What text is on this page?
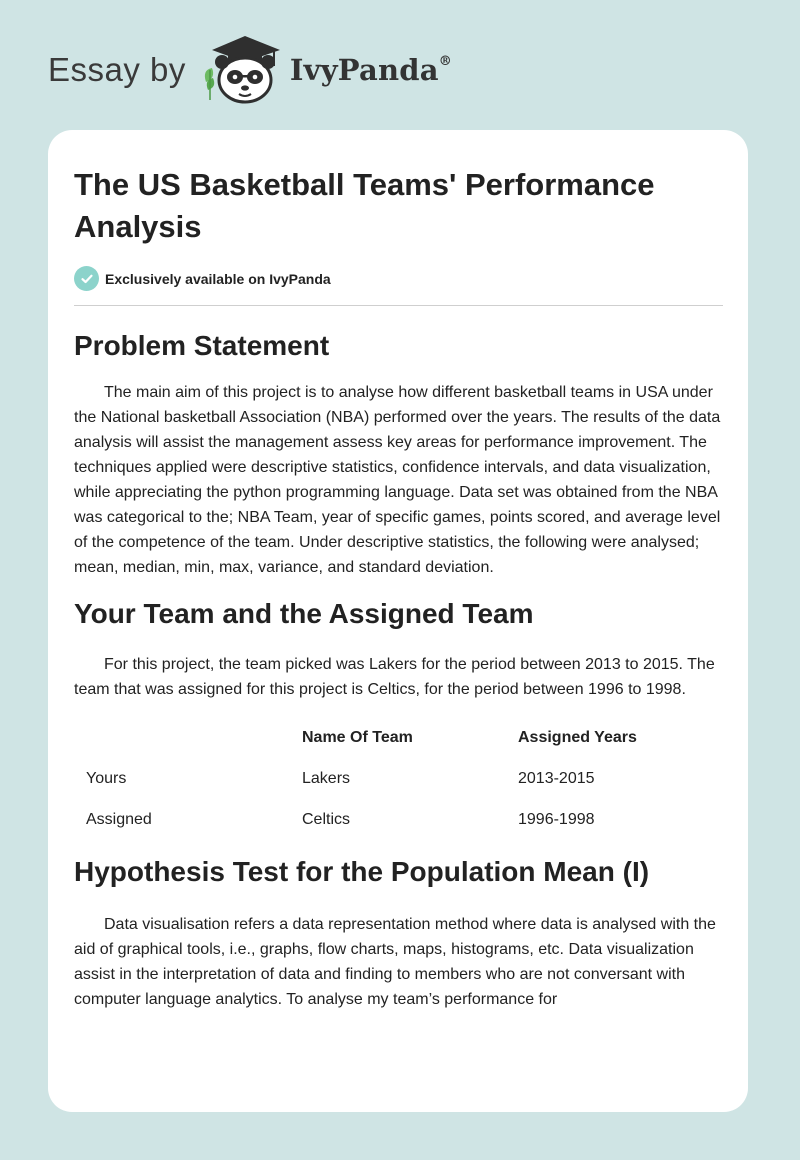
Essay by	IvyPanda®
The US Basketball Teams' Performance Analysis
Exclusively available on IvyPanda
Problem Statement

The main aim of this project is to analyse how different basketball teams in USA under the National basketball Association (NBA) performed over the years. The results of the data analysis will assist the management assess key areas for performance improvement. The techniques applied were descriptive statistics, confidence intervals, and data visualization, while appreciating the python programming language. Data set was obtained from the NBA was categorical to the; NBA Team, year of specific games, points scored, and average level of the competence of the team. Under descriptive statistics, the following were analysed; mean, median, min, max, variance, and standard deviation.

Your Team and the Assigned Team

For this project, the team picked was Lakers for the period between 2013 to 2015. The team that was assigned for this project is Celtics, for the period between 1996 to 1998.

	Name Of Team	Assigned Years
Yours	Lakers	2013-2015
Assigned	Celtics	1996-1998
Hypothesis Test for the Population Mean (I)

Data visualisation refers a data representation method where data is analysed with the aid of graphical tools, i.e., graphs, flow charts, maps, histograms, etc. Data visualization assist in the interpretation of data and finding to members who are not conversant with computer language analytics. To analyse my team’s performance for
